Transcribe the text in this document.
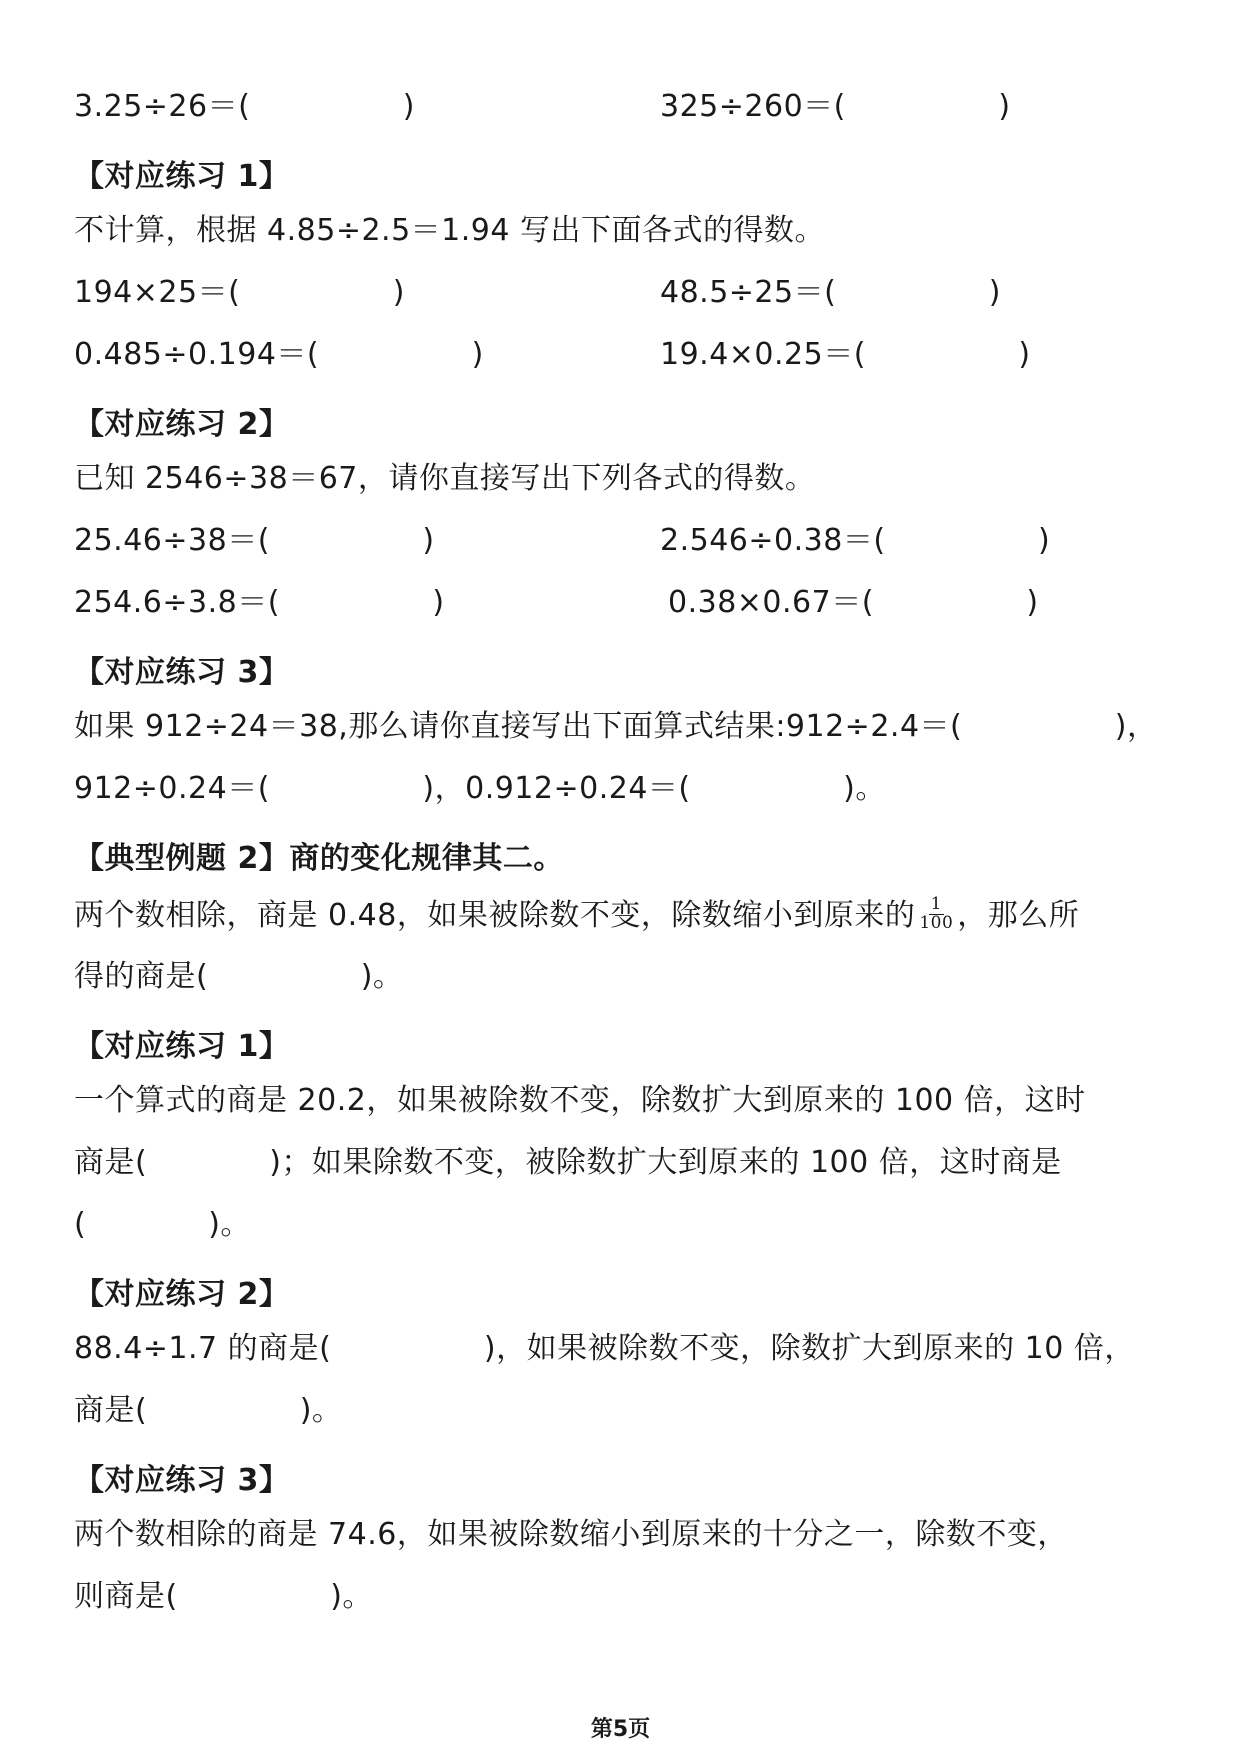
3.25÷26＝(　　　　　)	325÷260＝(　　　　　)
【对应练习 1】
不计算，根据 4.85÷2.5＝1.94 写出下面各式的得数。
194×25＝(　　　　　)	48.5÷25＝(　　　　　)
0.485÷0.194＝(　　　　　)	19.4×0.25＝(　　　　　)
【对应练习 2】
已知 2546÷38＝67，请你直接写出下列各式的得数。
25.46÷38＝(　　　　　)	2.546÷0.38＝(　　　　　)
254.6÷3.8＝(　　　　　)	0.38×0.67＝(　　　　　)
【对应练习 3】
如果 912÷24＝38,那么请你直接写出下面算式结果:912÷2.4＝(　　　　　)，
912÷0.24＝(　　　　　)，0.912÷0.24＝(　　　　　)。
【典型例题 2】商的变化规律其二。
两个数相除，商是 0.48，如果被除数不变，除数缩小到原来的 $\frac{1}{100}$ ，那么所
得的商是(　　　　　)。
【对应练习 1】
一个算式的商是 20.2，如果被除数不变，除数扩大到原来的 100 倍，这时
商是(　　　　)；如果除数不变，被除数扩大到原来的 100 倍，这时商是
(　　　　)。
【对应练习 2】
88.4÷1.7 的商是(　　　　　)，如果被除数不变，除数扩大到原来的 10 倍，
商是(　　　　　)。
【对应练习 3】
两个数相除的商是 74.6，如果被除数缩小到原来的十分之一，除数不变，
则商是(　　　　　)。
第5页
